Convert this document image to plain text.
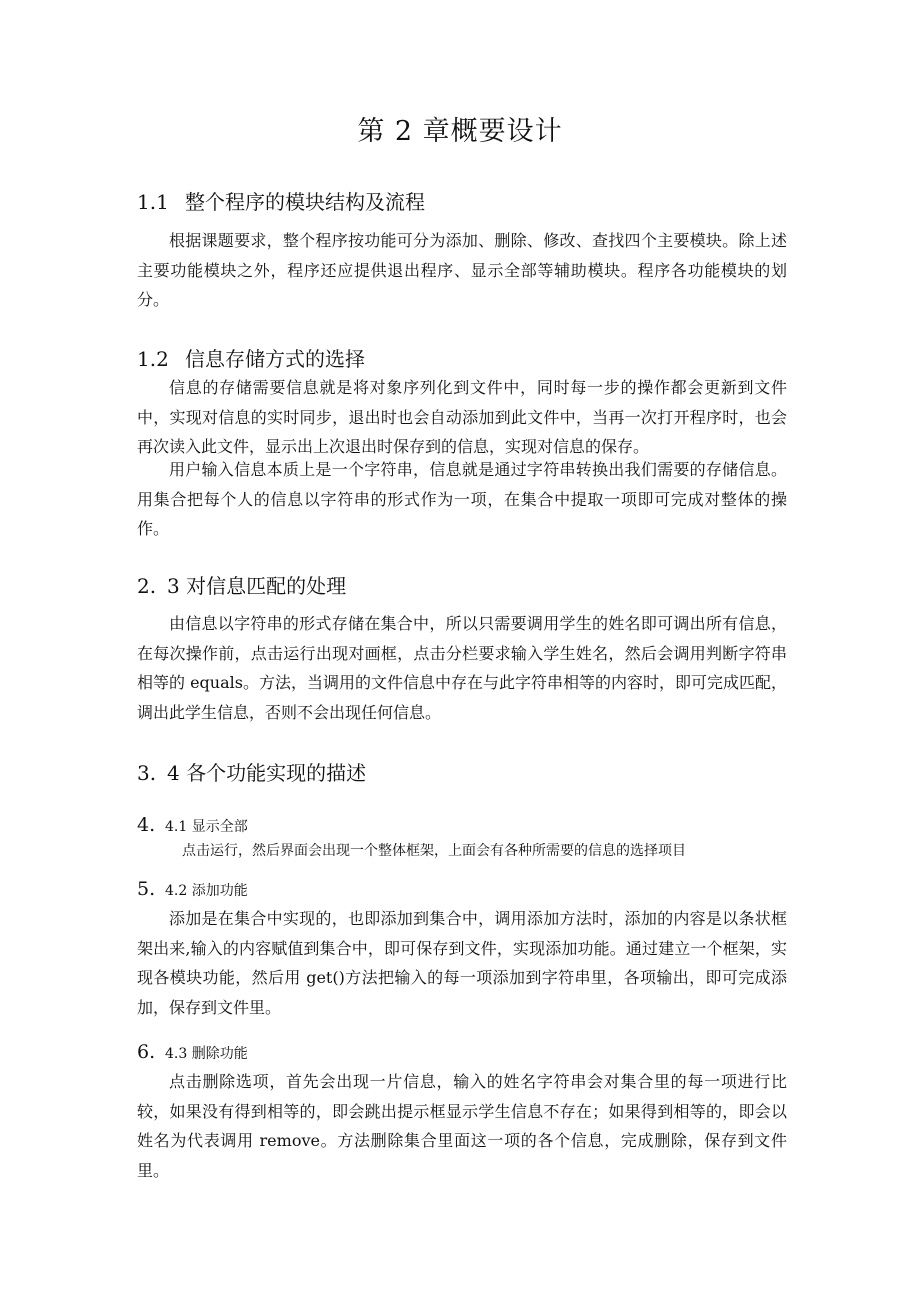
第 2 章概要设计
1.1 整个程序的模块结构及流程

根据课题要求，整个程序按功能可分为添加、删除、修改、查找四个主要模块。除上述主要功能模块之外，程序还应提供退出程序、显示全部等辅助模块。程序各功能模块的划分。

1.2 信息存储方式的选择

信息的存储需要信息就是将对象序列化到文件中，同时每一步的操作都会更新到文件中，实现对信息的实时同步，退出时也会自动添加到此文件中，当再一次打开程序时，也会再次读入此文件，显示出上次退出时保存到的信息，实现对信息的保存。

用户输入信息本质上是一个字符串，信息就是通过字符串转换出我们需要的存储信息。用集合把每个人的信息以字符串的形式作为一项，在集合中提取一项即可完成对整体的操作。

2. 3 对信息匹配的处理

由信息以字符串的形式存储在集合中，所以只需要调用学生的姓名即可调出所有信息，在每次操作前，点击运行出现对画框，点击分栏要求输入学生姓名，然后会调用判断字符串相等的 equals。方法，当调用的文件信息中存在与此字符串相等的内容时，即可完成匹配，调出此学生信息，否则不会出现任何信息。

3. 4 各个功能实现的描述
4. 4.1 显示全部
点击运行，然后界面会出现一个整体框架，上面会有各种所需要的信息的选择项目
5. 4.2 添加功能

添加是在集合中实现的，也即添加到集合中，调用添加方法时，添加的内容是以条状框架出来,输入的内容赋值到集合中，即可保存到文件，实现添加功能。通过建立一个框架，实现各模块功能，然后用 get()方法把输入的每一项添加到字符串里，各项输出，即可完成添加，保存到文件里。

6. 4.3 删除功能

点击删除选项，首先会出现一片信息，输入的姓名字符串会对集合里的每一项进行比较，如果没有得到相等的，即会跳出提示框显示学生信息不存在；如果得到相等的，即会以姓名为代表调用 remove。方法删除集合里面这一项的各个信息，完成删除，保存到文件里。
